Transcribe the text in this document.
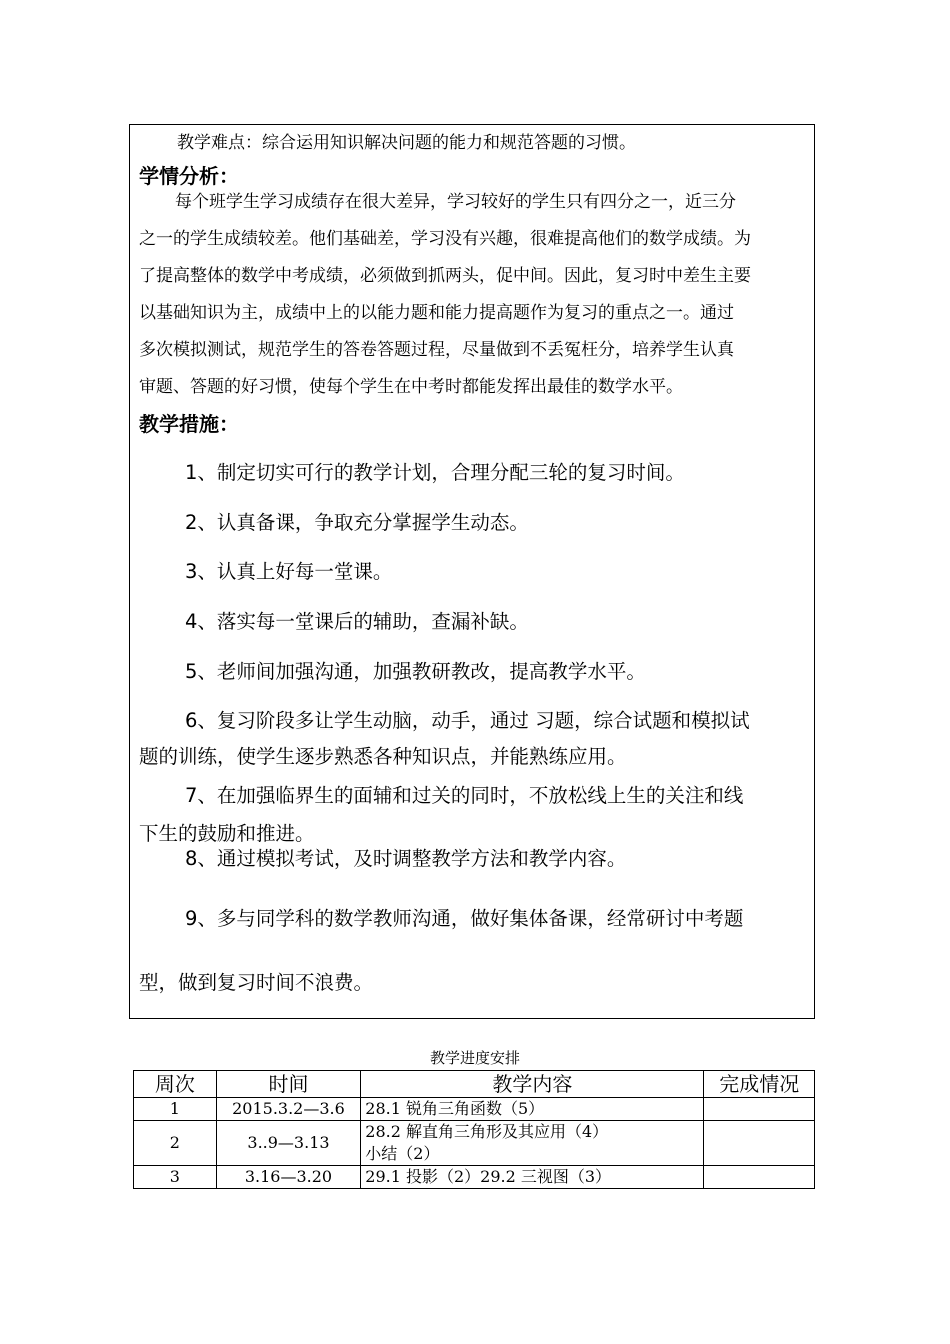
教学难点：综合运用知识解决问题的能力和规范答题的习惯。
学情分析：
每个班学生学习成绩存在很大差异，学习较好的学生只有四分之一，近三分
之一的学生成绩较差。他们基础差，学习没有兴趣，很难提高他们的数学成绩。为
了提高整体的数学中考成绩，必须做到抓两头，促中间。因此，复习时中差生主要
以基础知识为主，成绩中上的以能力题和能力提高题作为复习的重点之一。通过
多次模拟测试，规范学生的答卷答题过程，尽量做到不丢冤枉分，培养学生认真
审题、答题的好习惯，使每个学生在中考时都能发挥出最佳的数学水平。
教学措施：
1、制定切实可行的教学计划，合理分配三轮的复习时间。
2、认真备课，争取充分掌握学生动态。
3、认真上好每一堂课。
4、落实每一堂课后的辅助，查漏补缺。
5、老师间加强沟通，加强教研教改，提高教学水平。
6、复习阶段多让学生动脑，动手，通过 习题，综合试题和模拟试
题的训练，使学生逐步熟悉各种知识点，并能熟练应用。
7、在加强临界生的面辅和过关的同时，不放松线上生的关注和线
下生的鼓励和推进。
8、通过模拟考试，及时调整教学方法和教学内容。
9、多与同学科的数学教师沟通，做好集体备课，经常研讨中考题
型，做到复习时间不浪费。
教学进度安排
周次	时间	教学内容	完成情况
1	2015.3.2—3.6	28.1 锐角三角函数（5）	

2	3..9—3.13	28.2 解直角三角形及其应用（4）
小结（2）	

3	3.16—3.20	29.1 投影（2）29.2 三视图（3）	
